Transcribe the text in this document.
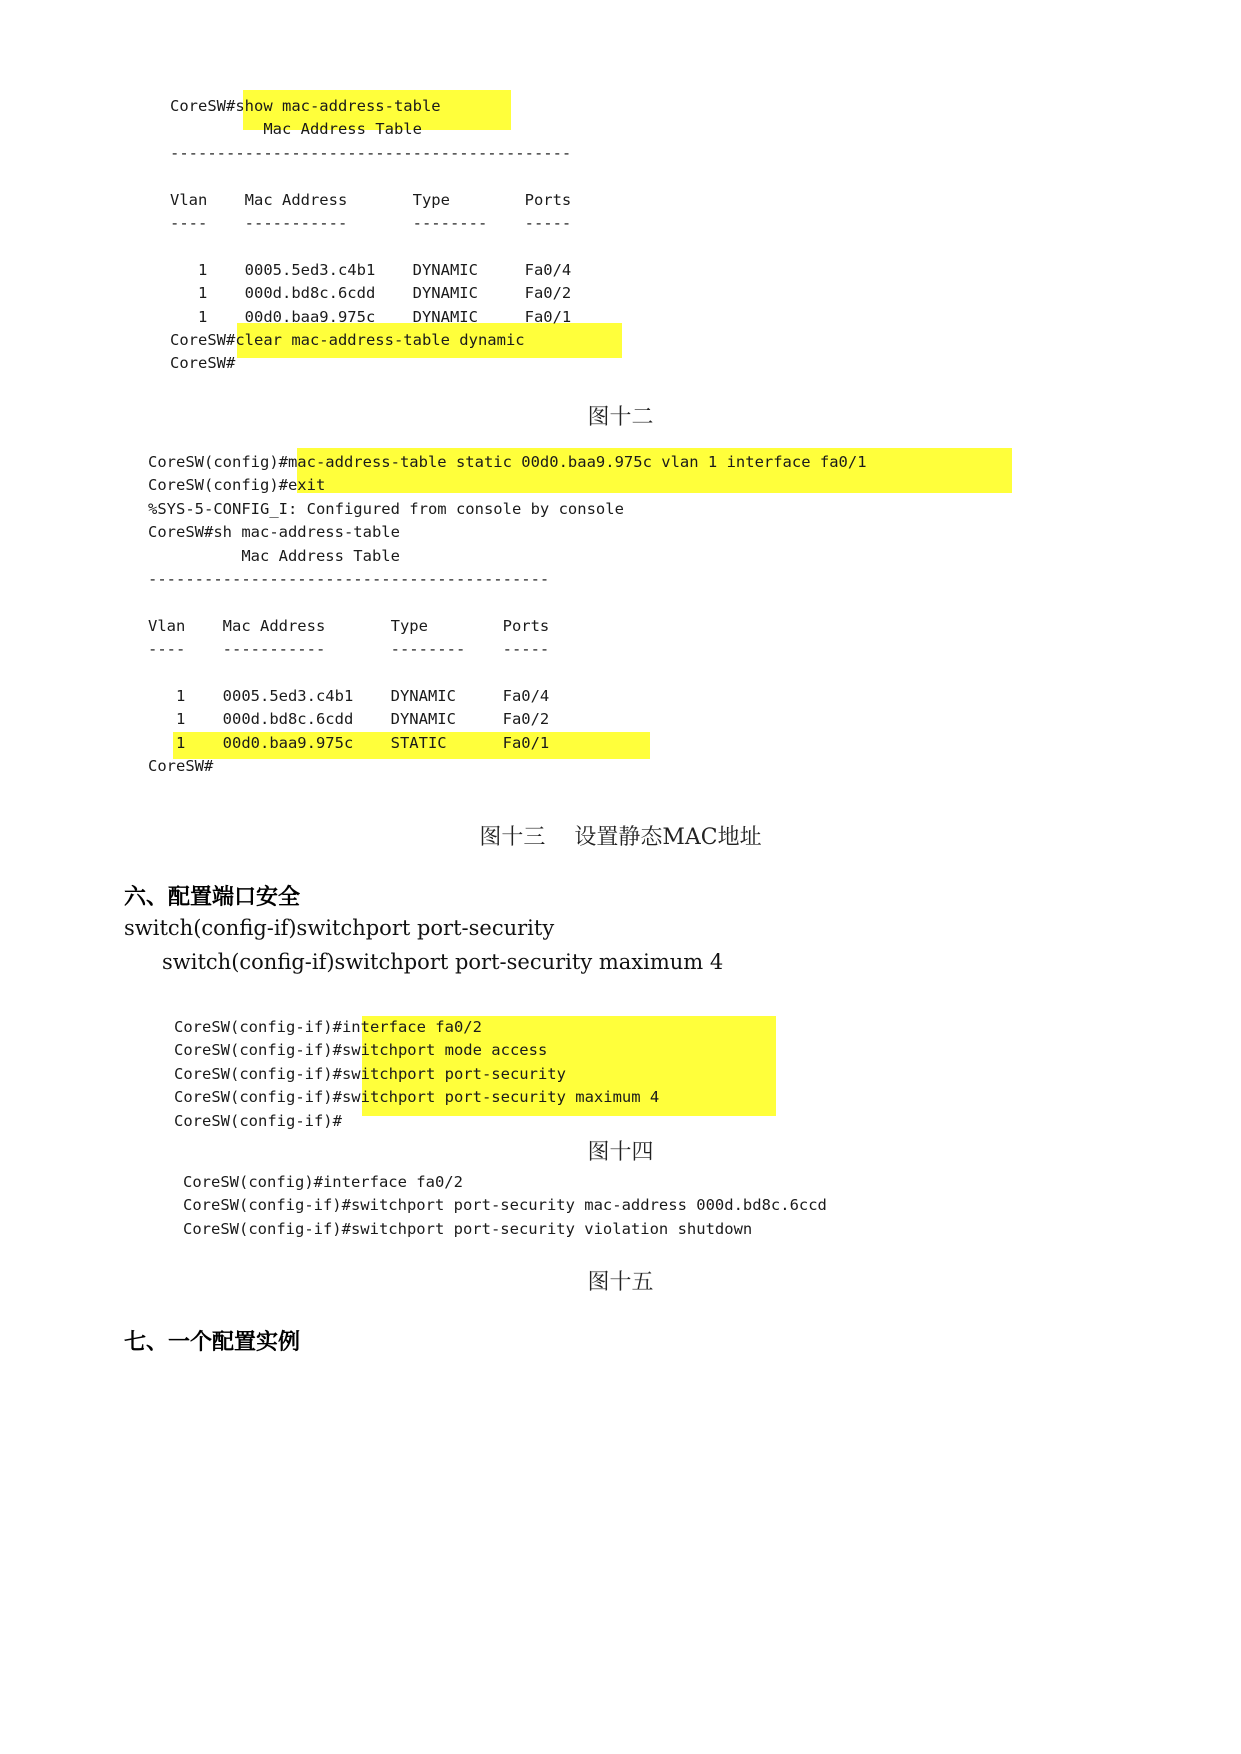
CoreSW#show mac-address-table
Mac Address Table
-------------------------------------------
Vlan    Mac Address       Type        Ports
----    -----------       --------    -----
1    0005.5ed3.c4b1    DYNAMIC     Fa0/4
1    000d.bd8c.6cdd    DYNAMIC     Fa0/2
1    00d0.baa9.975c    DYNAMIC     Fa0/1
CoreSW#clear mac-address-table dynamic
CoreSW#
图十二
CoreSW(config)#mac-address-table static 00d0.baa9.975c vlan 1 interface fa0/1
CoreSW(config)#exit
%SYS-5-CONFIG_I: Configured from console by console
CoreSW#sh mac-address-table
Mac Address Table
-------------------------------------------
Vlan    Mac Address       Type        Ports
----    -----------       --------    -----
1    0005.5ed3.c4b1    DYNAMIC     Fa0/4
1    000d.bd8c.6cdd    DYNAMIC     Fa0/2
1    00d0.baa9.975c    STATIC      Fa0/1
CoreSW#
图十三　 设置静态MAC地址
六、配置端口安全
switch(config-if)switchport port-security
switch(config-if)switchport port-security maximum 4
CoreSW(config-if)#interface fa0/2
CoreSW(config-if)#switchport mode access
CoreSW(config-if)#switchport port-security
CoreSW(config-if)#switchport port-security maximum 4
CoreSW(config-if)#
图十四
CoreSW(config)#interface fa0/2
CoreSW(config-if)#switchport port-security mac-address 000d.bd8c.6ccd
CoreSW(config-if)#switchport port-security violation shutdown
图十五
七、一个配置实例
